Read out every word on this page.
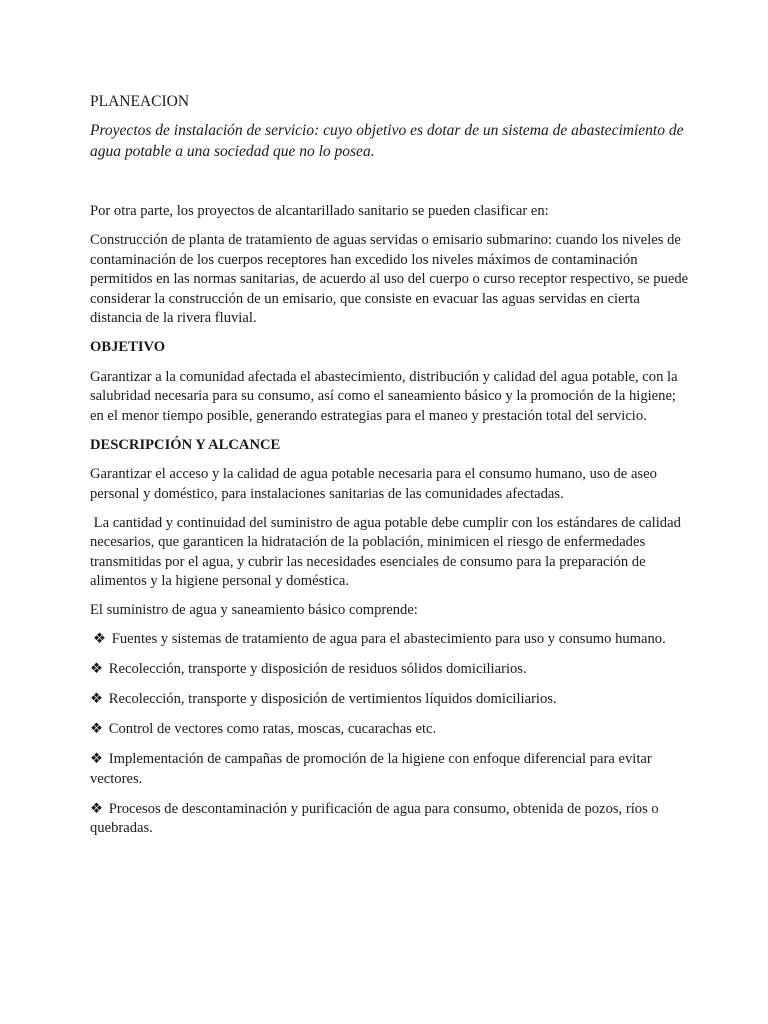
PLANEACION
Proyectos de instalación de servicio: cuyo objetivo es dotar de un sistema de abastecimiento de agua potable a una sociedad que no lo posea.

Por otra parte, los proyectos de alcantarillado sanitario se pueden clasificar en:

Construcción de planta de tratamiento de aguas servidas o emisario submarino: cuando los niveles de contaminación de los cuerpos receptores han excedido los niveles máximos de contaminación permitidos en las normas sanitarias, de acuerdo al uso del cuerpo o curso receptor respectivo, se puede considerar la construcción de un emisario, que consiste en evacuar las aguas servidas en cierta distancia de la rivera fluvial.

OBJETIVO

Garantizar a la comunidad afectada el abastecimiento, distribución y calidad del agua potable, con la salubridad necesaria para su consumo, así como el saneamiento básico y la promoción de la higiene; en el menor tiempo posible, generando estrategias para el maneo y prestación total del servicio.

DESCRIPCIÓN Y ALCANCE

Garantizar el acceso y la calidad de agua potable necesaria para el consumo humano, uso de aseo personal y doméstico, para instalaciones sanitarias de las comunidades afectadas.

La cantidad y continuidad del suministro de agua potable debe cumplir con los estándares de calidad necesarios, que garanticen la hidratación de la población, minimicen el riesgo de enfermedades transmitidas por el agua, y cubrir las necesidades esenciales de consumo para la preparación de alimentos y la higiene personal y doméstica.

El suministro de agua y saneamiento básico comprende:

❖ Fuentes y sistemas de tratamiento de agua para el abastecimiento para uso y consumo humano.

❖ Recolección, transporte y disposición de residuos sólidos domiciliarios.

❖ Recolección, transporte y disposición de vertimientos líquidos domiciliarios.

❖ Control de vectores como ratas, moscas, cucarachas etc.

❖ Implementación de campañas de promoción de la higiene con enfoque diferencial para evitar vectores.

❖ Procesos de descontaminación y purificación de agua para consumo, obtenida de pozos, ríos o quebradas.
